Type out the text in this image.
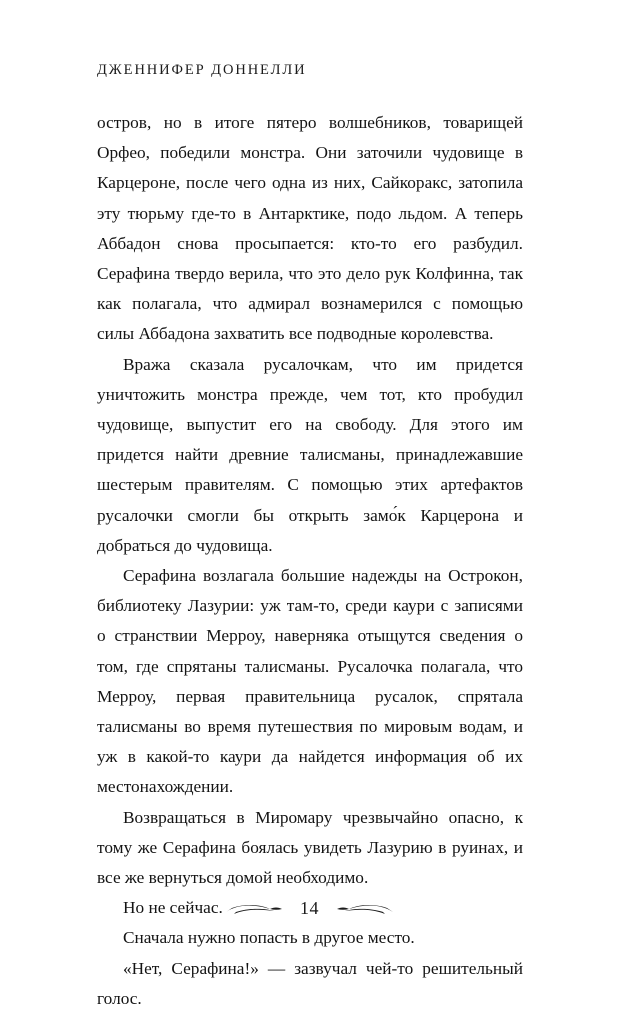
ДЖЕННИФЕР ДОННЕЛЛИ

остров, но в итоге пятеро волшебников, товарищей Орфео, победили монстра. Они заточили чудовище в Карцероне, после чего одна из них, Сайкоракс, затопила эту тюрьму где-то в Антарктике, подо льдом. А теперь Аббадон снова просыпается: кто-то его разбудил. Серафина твердо верила, что это дело рук Колфинна, так как полагала, что адмирал вознамерился с помощью силы Аббадона захватить все подводные королевства.

Вража сказала русалочкам, что им придется уничтожить монстра прежде, чем тот, кто пробудил чудовище, выпустит его на свободу. Для этого им придется найти древние талисманы, принадлежавшие шестерым правителям. С помощью этих артефактов русалочки смогли бы открыть замо́к Карцерона и добраться до чудовища.

Серафина возлагала большие надежды на Острокон, библиотеку Лазурии: уж там-то, среди каури с записями о странствии Мерроу, наверняка отыщутся сведения о том, где спрятаны талисманы. Русалочка полагала, что Мерроу, первая правительница русалок, спрятала талисманы во время путешествия по мировым водам, и уж в какой-то каури да найдется информация об их местонахождении.

Возвращаться в Миромару чрезвычайно опасно, к тому же Серафина боялась увидеть Лазурию в руинах, и все же вернуться домой необходимо.

Но не сейчас.

Сначала нужно попасть в другое место.

«Нет, Серафина!» — зазвучал чей-то решительный голос.

14
